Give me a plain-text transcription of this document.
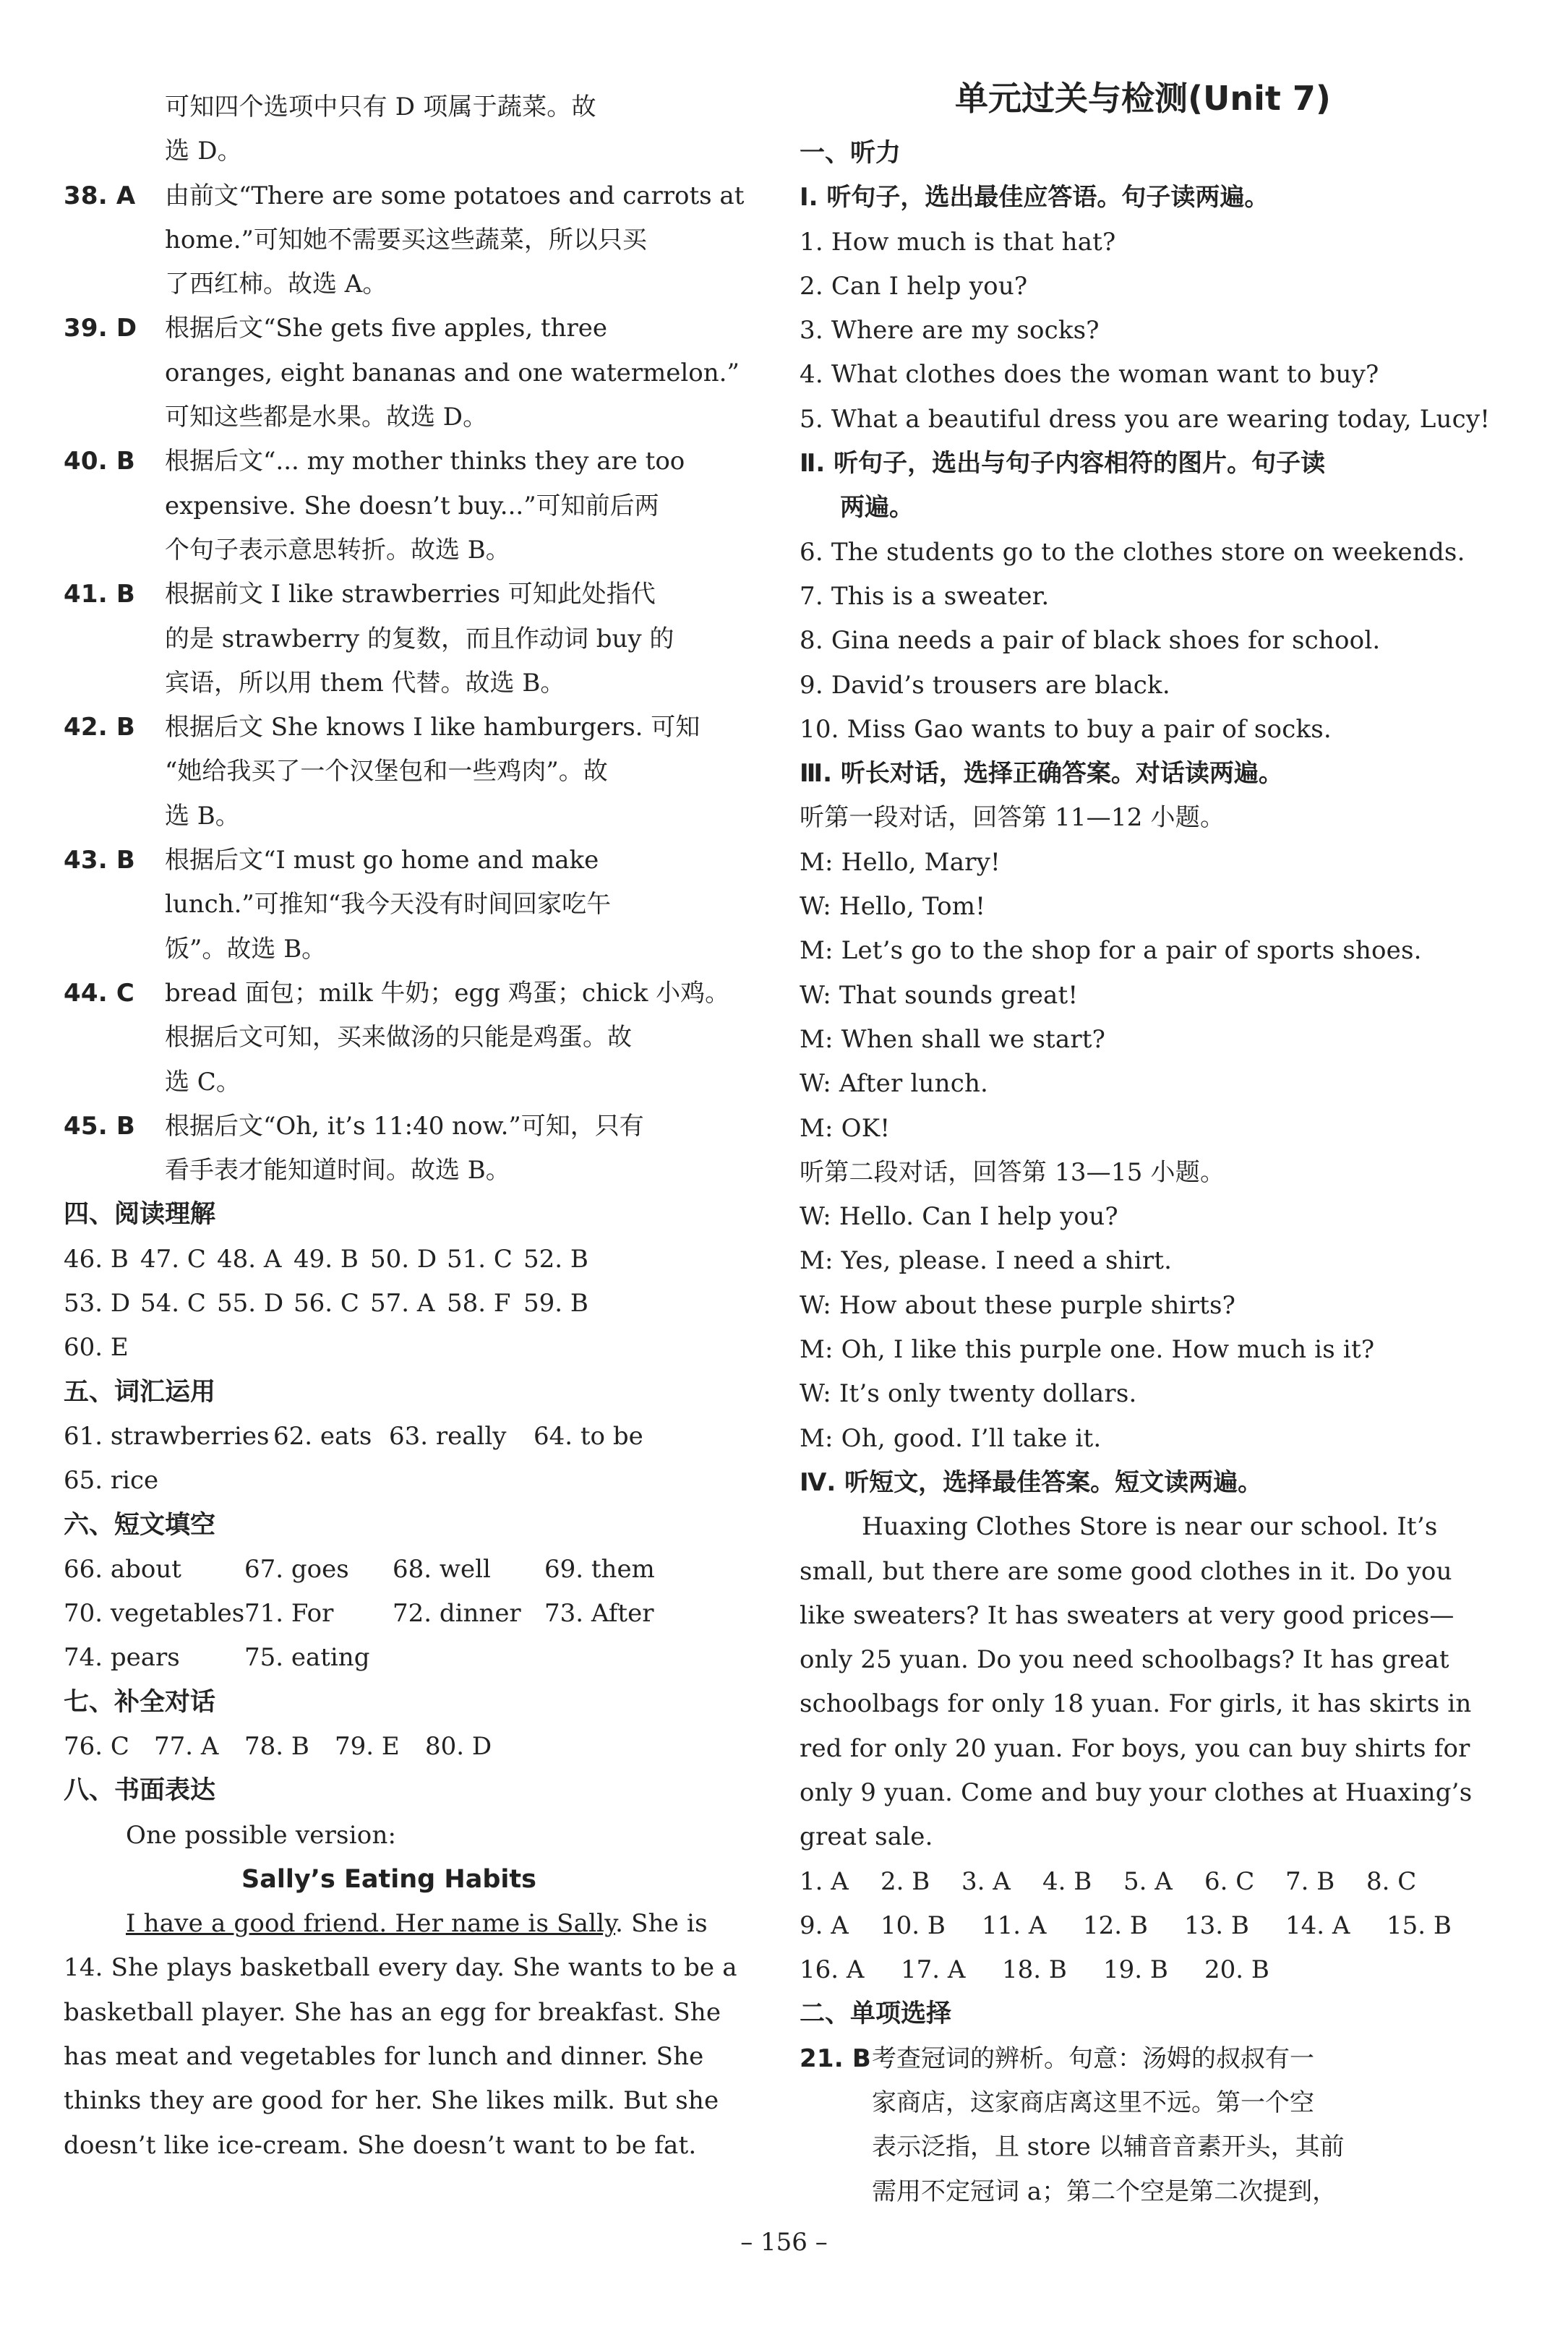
可知四个选项中只有 D 项属于蔬菜。故
选 D。
38. A	由前文“There are some potatoes and carrots at
home.”可知她不需要买这些蔬菜，所以只买
了西红柿。故选 A。
39. D	根据后文“She gets five apples, three
oranges, eight bananas and one watermelon.”
可知这些都是水果。故选 D。
40. B	根据后文“... my mother thinks they are too
expensive. She doesn’t buy...”可知前后两
个句子表示意思转折。故选 B。
41. B	根据前文 I like strawberries 可知此处指代
的是 strawberry 的复数，而且作动词 buy 的
宾语，所以用 them 代替。故选 B。
42. B	根据后文 She knows I like hamburgers. 可知
“她给我买了一个汉堡包和一些鸡肉”。故
选 B。
43. B	根据后文“I must go home and make
lunch.”可推知“我今天没有时间回家吃午
饭”。故选 B。
44. C	bread 面包；milk 牛奶；egg 鸡蛋；chick 小鸡。
根据后文可知，买来做汤的只能是鸡蛋。故
选 C。
45. B	根据后文“Oh, it’s 11:40 now.”可知，只有
看手表才能知道时间。故选 B。
四、阅读理解
46. B 47. C 48. A 49. B 50. D 51. C 52. B
53. D 54. C 55. D 56. C 57. A 58. F 59. B
60. E
五、词汇运用
61. strawberries 62. eats 63. really	64. to be
65. rice
六、短文填空
66. about	67. goes	68. well	69. them
70. vegetables 71. For	72. dinner 73. After
74. pears	75. eating
七、补全对话
76. C 77. A 78. B 79. E 80. D
八、书面表达
One possible version:
Sally’s Eating Habits
I have a good friend. Her name is Sally. She is
14. She plays basketball every day. She wants to be a
basketball player. She has an egg for breakfast. She
has meat and vegetables for lunch and dinner. She
thinks they are good for her. She likes milk. But she
doesn’t like ice-cream. She doesn’t want to be fat.
单元过关与检测(Unit 7)
一、听力
Ⅰ. 听句子，选出最佳应答语。句子读两遍。
1. How much is that hat?
2. Can I help you?
3. Where are my socks?
4. What clothes does the woman want to buy?
5. What a beautiful dress you are wearing today, Lucy!
Ⅱ. 听句子，选出与句子内容相符的图片。句子读
两遍。
6. The students go to the clothes store on weekends.
7. This is a sweater.
8. Gina needs a pair of black shoes for school.
9. David’s trousers are black.
10. Miss Gao wants to buy a pair of socks.
Ⅲ. 听长对话，选择正确答案。对话读两遍。
听第一段对话，回答第 11—12 小题。
M: Hello, Mary!
W: Hello, Tom!
M: Let’s go to the shop for a pair of sports shoes.
W: That sounds great!
M: When shall we start?
W: After lunch.
M: OK!
听第二段对话，回答第 13—15 小题。
W: Hello. Can I help you?
M: Yes, please. I need a shirt.
W: How about these purple shirts?
M: Oh, I like this purple one. How much is it?
W: It’s only twenty dollars.
M: Oh, good. I’ll take it.
Ⅳ. 听短文，选择最佳答案。短文读两遍。
Huaxing Clothes Store is near our school. It’s
small, but there are some good clothes in it. Do you
like sweaters? It has sweaters at very good prices—
only 25 yuan. Do you need schoolbags? It has great
schoolbags for only 18 yuan. For girls, it has skirts in
red for only 20 yuan. For boys, you can buy shirts for
only 9 yuan. Come and buy your clothes at Huaxing’s
great sale.
1. A 2. B 3. A 4. B 5. A 6. C 7. B 8. C
9. A 10. B 11. A 12. B 13. B 14. A 15. B
16. A 17. A 18. B 19. B 20. B
二、单项选择
21. B 考查冠词的辨析。句意：汤姆的叔叔有一
家商店，这家商店离这里不远。第一个空
表示泛指，且 store 以辅音音素开头，其前
需用不定冠词 a；第二个空是第二次提到，
– 156 –
